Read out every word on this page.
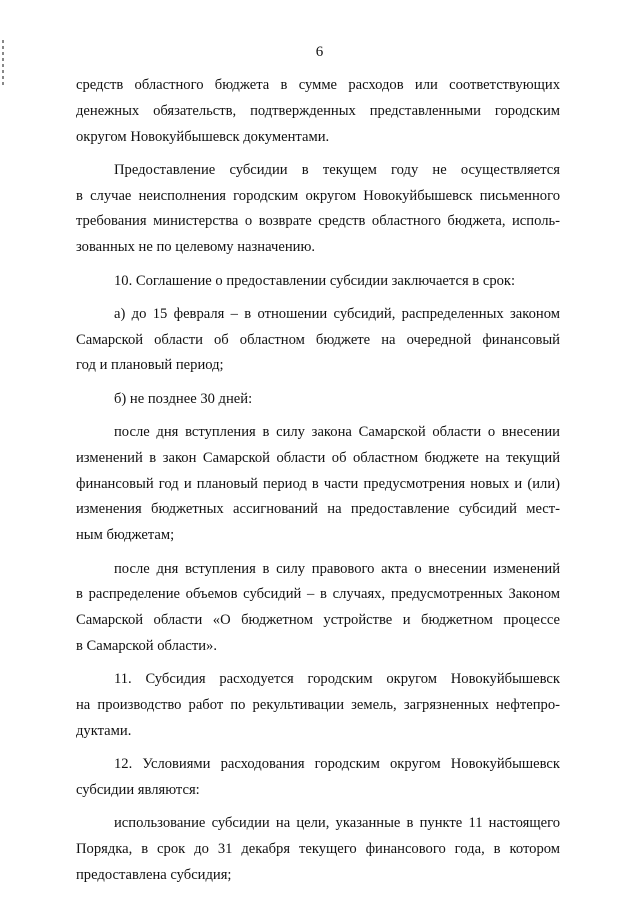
6
средств областного бюджета в сумме расходов или соответствующих
денежных обязательств, подтвержденных представленными городским
округом Новокуйбышевск документами.
Предоставление субсидии в текущем году не осуществляется
в случае неисполнения городским округом Новокуйбышевск письменного
требования министерства о возврате средств областного бюджета, исполь-
зованных не по целевому назначению.
10. Соглашение о предоставлении субсидии заключается в срок:
а) до 15 февраля – в отношении субсидий, распределенных законом
Самарской области об областном бюджете на очередной финансовый
год и плановый период;
б) не позднее 30 дней:
после дня вступления в силу закона Самарской области о внесении
изменений в закон Самарской области об областном бюджете на текущий
финансовый год и плановый период в части предусмотрения новых и (или)
изменения бюджетных ассигнований на предоставление субсидий мест-
ным бюджетам;
после дня вступления в силу правового акта о внесении изменений
в распределение объемов субсидий – в случаях, предусмотренных Законом
Самарской области «О бюджетном устройстве и бюджетном процессе
в Самарской области».
11. Субсидия расходуется городским округом Новокуйбышевск
на производство работ по рекультивации земель, загрязненных нефтепро-
дуктами.
12. Условиями расходования городским округом Новокуйбышевск
субсидии являются:
использование субсидии на цели, указанные в пункте 11 настоящего
Порядка, в срок до 31 декабря текущего финансового года, в котором
предоставлена субсидия;
